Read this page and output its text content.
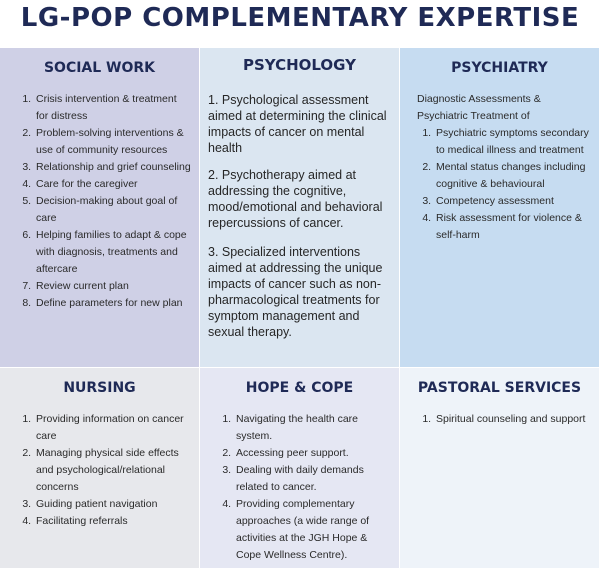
LG-POP COMPLEMENTARY EXPERTISE
SOCIAL WORK
1. Crisis intervention & treatment for distress
2. Problem-solving interventions & use of community resources
3. Relationship and grief counseling
4. Care for the caregiver
5. Decision-making about goal of care
6. Helping families to adapt & cope with diagnosis, treatments and aftercare
7. Review current plan
8. Define parameters for new plan
PSYCHOLOGY

1. Psychological assessment aimed at determining the clinical impacts of cancer on mental health

2. Psychotherapy aimed at addressing the cognitive, mood/emotional and behavioral repercussions of cancer.

3. Specialized interventions aimed at addressing the unique impacts of cancer such as non-pharmacological treatments for symptom management and sexual therapy.

PSYCHIATRY

Diagnostic Assessments & Psychiatric Treatment of

1. Psychiatric symptoms secondary to medical illness and treatment
2. Mental status changes including cognitive & behavioural
3. Competency assessment
4. Risk assessment for violence & self-harm
NURSING
1. Providing information on cancer care
2. Managing physical side effects and psychological/relational concerns
3. Guiding patient navigation
4. Facilitating referrals
HOPE & COPE
1. Navigating the health care system.
2. Accessing peer support.
3. Dealing with daily demands related to cancer.
4. Providing complementary approaches (a wide range of activities at the JGH Hope & Cope Wellness Centre).
PASTORAL SERVICES
1. Spiritual counseling and support
